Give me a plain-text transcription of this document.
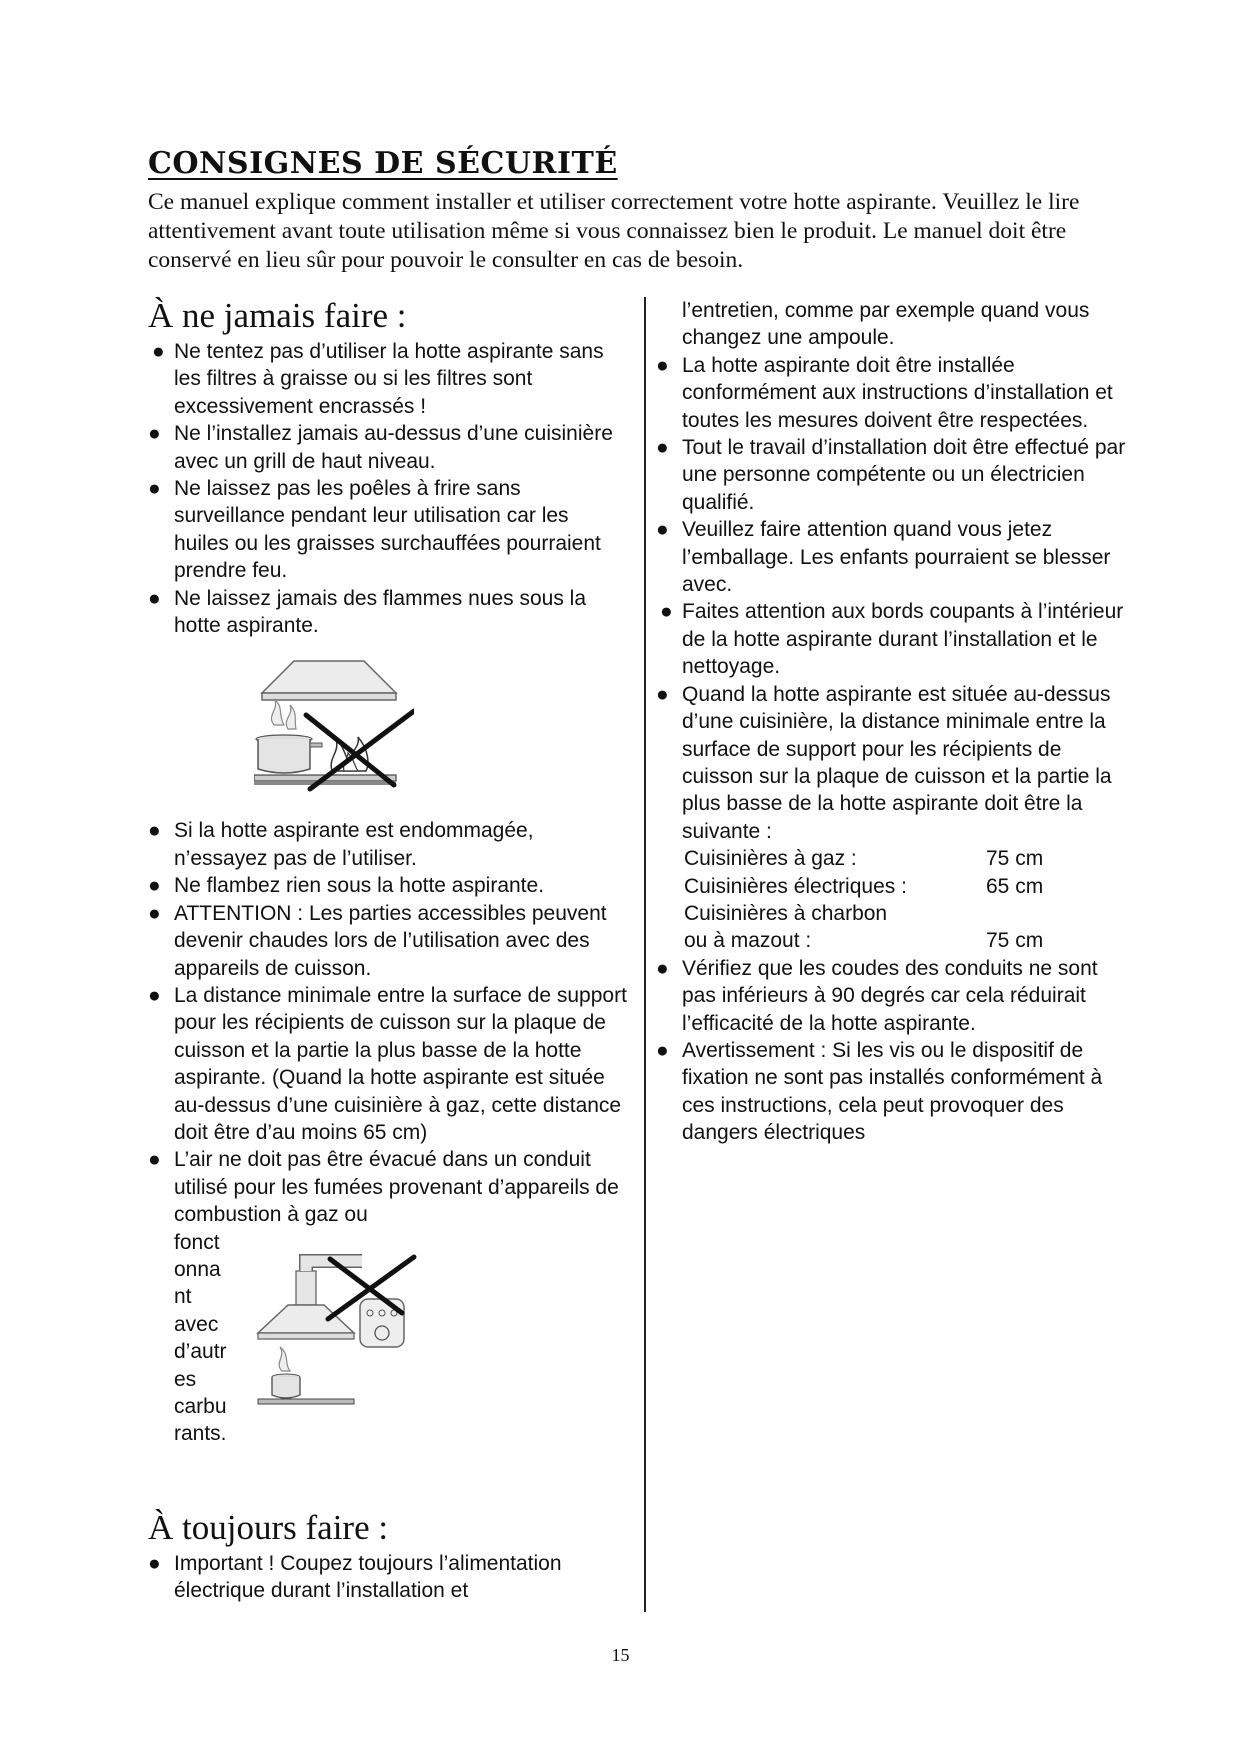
CONSIGNES DE SÉCURITÉ

Ce manuel explique comment installer et utiliser correctement votre hotte aspirante. Veuillez le lire attentivement avant toute utilisation même si vous connaissez bien le produit. Le manuel doit être conservé en lieu sûr pour pouvoir le consulter en cas de besoin.

À ne jamais faire :
● Ne tentez pas d’utiliser la hotte aspirante sans les filtres à graisse ou si les filtres sont excessivement encrassés !
● Ne l’installez jamais au-dessus d’une cuisinière avec un grill de haut niveau.
● Ne laissez pas les poêles à frire sans surveillance pendant leur utilisation car les huiles ou les graisses surchauffées pourraient prendre feu.
● Ne laissez jamais des flammes nues sous la hotte aspirante.
● Si la hotte aspirante est endommagée, n’essayez pas de l’utiliser.
● Ne flambez rien sous la hotte aspirante.
● ATTENTION : Les parties accessibles peuvent devenir chaudes lors de l’utilisation avec des appareils de cuisson.
● La distance minimale entre la surface de support pour les récipients de cuisson sur la plaque de cuisson et la partie la plus basse de la hotte aspirante. (Quand la hotte aspirante est située au-dessus d’une cuisinière à gaz, cette distance doit être d’au moins 65 cm)
● L’air ne doit pas être évacué dans un conduit utilisé pour les fumées provenant d’appareils de combustion à gaz ou
fonct
onna
nt
avec
d’autr
es
carbu
rants.
À toujours faire :
● Important ! Coupez toujours l’alimentation électrique durant l’installation et
l’entretien, comme par exemple quand vous changez une ampoule.
● La hotte aspirante doit être installée conformément aux instructions d’installation et toutes les mesures doivent être respectées.
● Tout le travail d’installation doit être effectué par une personne compétente ou un électricien qualifié.
● Veuillez faire attention quand vous jetez l’emballage. Les enfants pourraient se blesser avec.
● Faites attention aux bords coupants à l’intérieur de la hotte aspirante durant l’installation et le nettoyage.
● Quand la hotte aspirante est située au-dessus d’une cuisinière, la distance minimale entre la surface de support pour les récipients de cuisson sur la plaque de cuisson et la partie la plus basse de la hotte aspirante doit être la suivante :
Cuisinières à gaz :	75 cm
Cuisinières électriques :	65 cm
Cuisinières à charbon
ou à mazout :	75 cm
● Vérifiez que les coudes des conduits ne sont pas inférieurs à 90 degrés car cela réduirait l’efficacité de la hotte aspirante.
● Avertissement : Si les vis ou le dispositif de fixation ne sont pas installés conformément à ces instructions, cela peut provoquer des dangers électriques
15
